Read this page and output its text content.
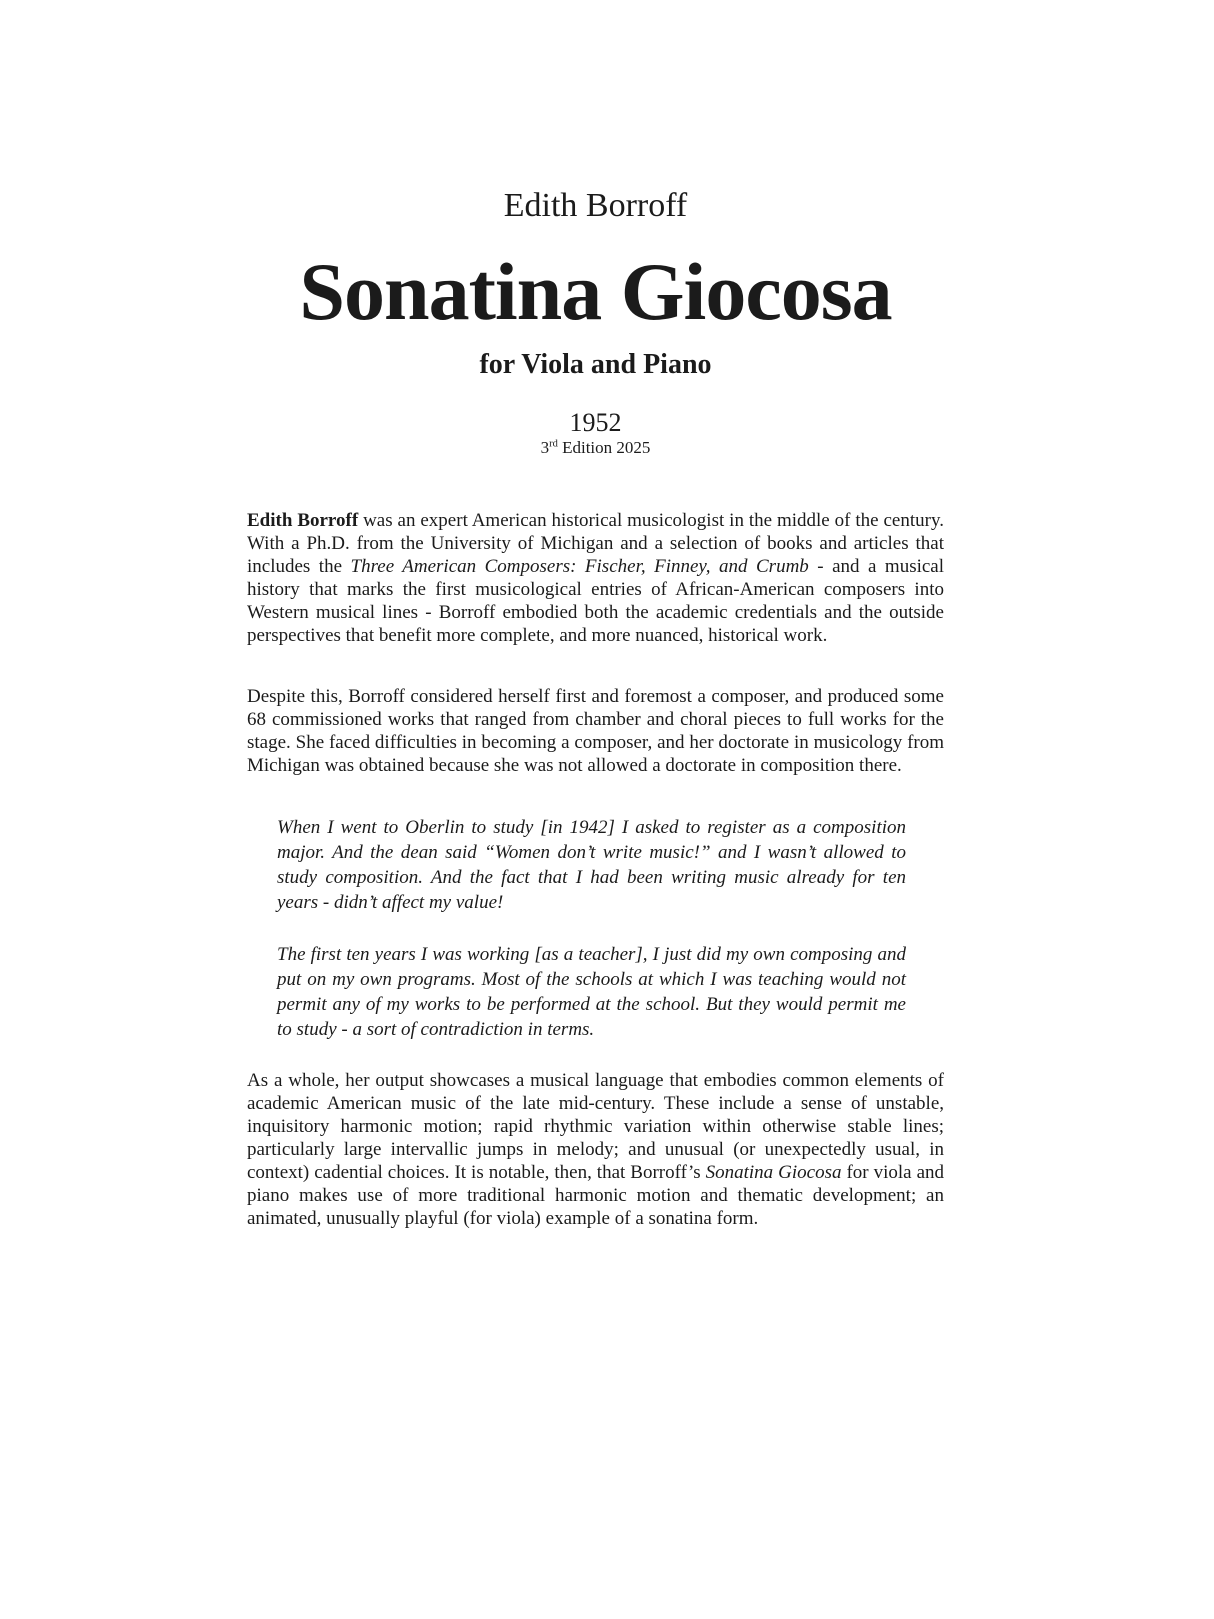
Edith Borroff
Sonatina Giocosa
for Viola and Piano
1952
3rd Edition 2025

Edith Borroff was an expert American historical musicologist in the middle of the century. With a Ph.D. from the University of Michigan and a selection of books and articles that includes the Three American Composers: Fischer, Finney, and Crumb - and a musical history that marks the first musicological entries of African-American composers into Western musical lines - Borroff embodied both the academic credentials and the outside perspectives that benefit more complete, and more nuanced, historical work.

Despite this, Borroff considered herself first and foremost a composer, and produced some 68 commissioned works that ranged from chamber and choral pieces to full works for the stage. She faced difficulties in becoming a composer, and her doctorate in musicology from Michigan was obtained because she was not allowed a doctorate in composition there.

When I went to Oberlin to study [in 1942] I asked to register as a composition major. And the dean said “Women don’t write music!” and I wasn’t allowed to study composition. And the fact that I had been writing music already for ten years - didn’t affect my value!

The first ten years I was working [as a teacher], I just did my own composing and put on my own programs. Most of the schools at which I was teaching would not permit any of my works to be performed at the school. But they would permit me to study - a sort of contradiction in terms.

As a whole, her output showcases a musical language that embodies common elements of academic American music of the late mid-century. These include a sense of unstable, inquisitory harmonic motion; rapid rhythmic variation within otherwise stable lines; particularly large intervallic jumps in melody; and unusual (or unexpectedly usual, in context) cadential choices. It is notable, then, that Borroff’s Sonatina Giocosa for viola and piano makes use of more traditional harmonic motion and thematic development; an animated, unusually playful (for viola) example of a sonatina form.
